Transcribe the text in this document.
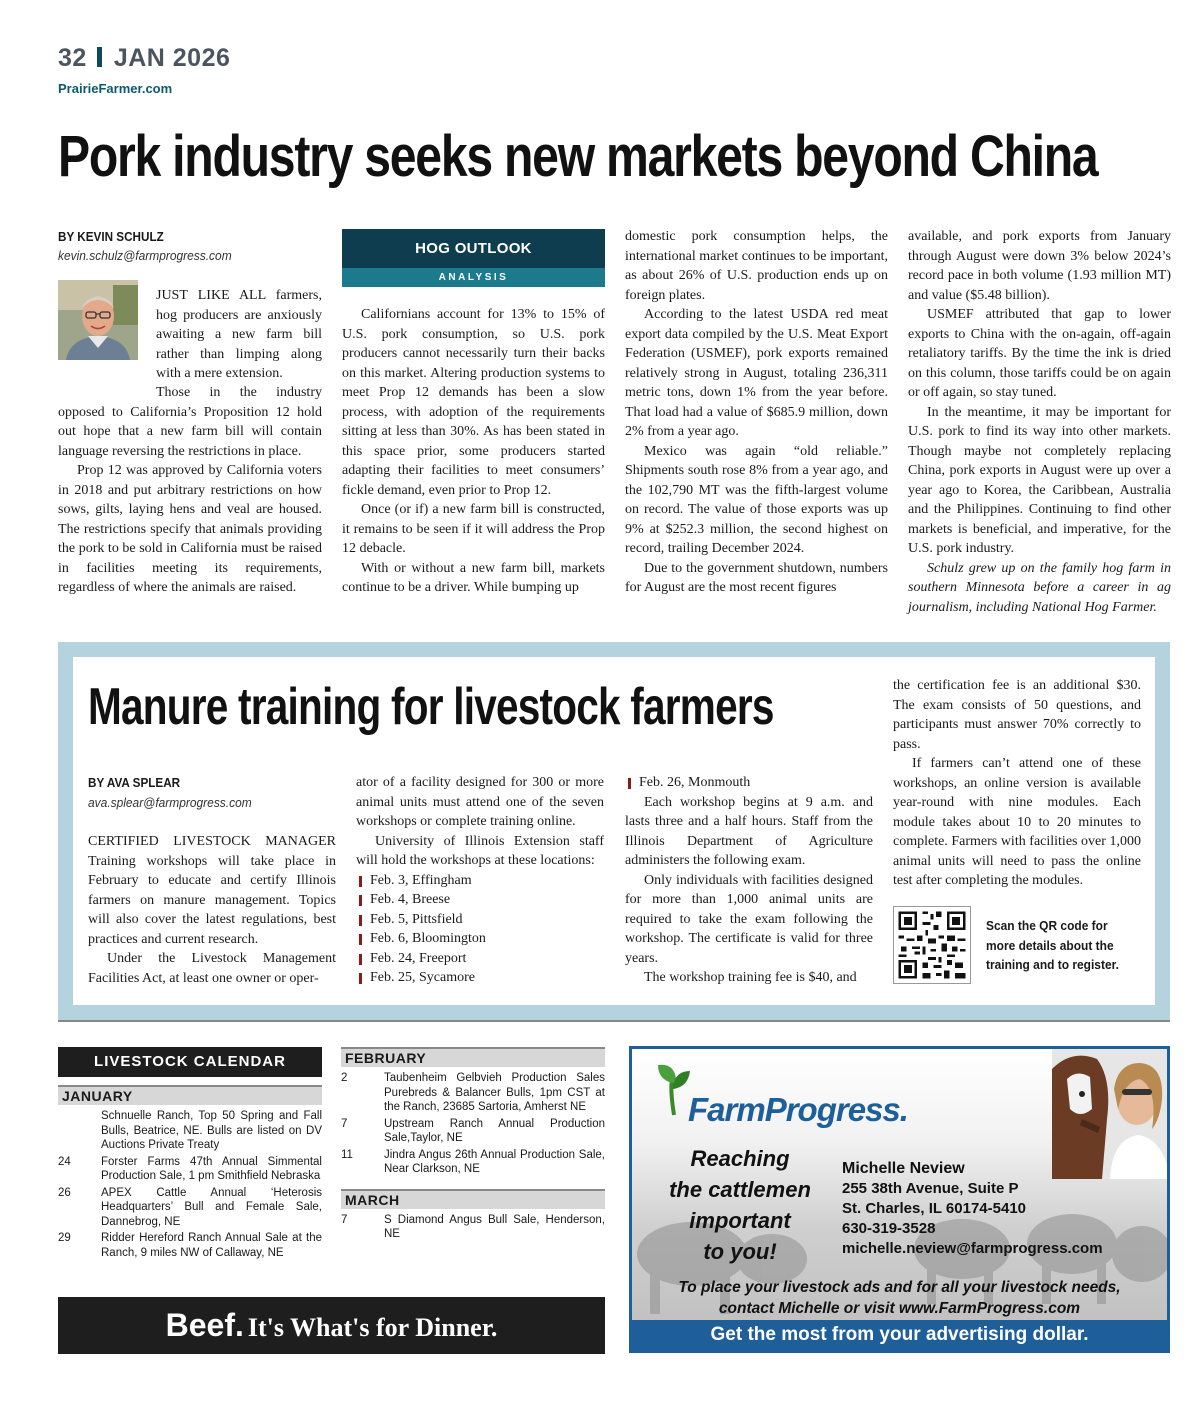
32 JAN 2026
PrairieFarmer.com
Pork industry seeks new markets beyond China
BY KEVIN SCHULZ
kevin.schulz@farmprogress.com

JUST LIKE ALL farmers, hog producers are anxiously awaiting a new farm bill rather than limping along with a mere extension.

Those in the industry opposed to California’s Proposition 12 hold out hope that a new farm bill will contain language reversing the restrictions in place.

Prop 12 was approved by California voters in 2018 and put arbitrary restrictions on how sows, gilts, laying hens and veal are housed. The restrictions specify that animals providing the pork to be sold in California must be raised in facilities meeting its requirements, regardless of where the animals are raised.

HOG OUTLOOK
ANALYSIS

Californians account for 13% to 15% of U.S. pork consumption, so U.S. pork producers cannot necessarily turn their backs on this market. Altering production systems to meet Prop 12 demands has been a slow process, with adoption of the requirements sitting at less than 30%. As has been stated in this space prior, some producers started adapting their facilities to meet consumers’ fickle demand, even prior to Prop 12.

Once (or if) a new farm bill is constructed, it remains to be seen if it will address the Prop 12 debacle.

With or without a new farm bill, markets continue to be a driver. While bumping up

domestic pork consumption helps, the international market continues to be important, as about 26% of U.S. production ends up on foreign plates.

According to the latest USDA red meat export data compiled by the U.S. Meat Export Federation (USMEF), pork exports remained relatively strong in August, totaling 236,311 metric tons, down 1% from the year before. That load had a value of $685.9 million, down 2% from a year ago.

Mexico was again “old reliable.” Shipments south rose 8% from a year ago, and the 102,790 MT was the fifth-largest volume on record. The value of those exports was up 9% at $252.3 million, the second highest on record, trailing December 2024.

Due to the government shutdown, numbers for August are the most recent figures

available, and pork exports from January through August were down 3% below 2024’s record pace in both volume (1.93 million MT) and value ($5.48 billion).

USMEF attributed that gap to lower exports to China with the on-again, off-again retaliatory tariffs. By the time the ink is dried on this column, those tariffs could be on again or off again, so stay tuned.

In the meantime, it may be important for U.S. pork to find its way into other markets. Though maybe not completely replacing China, pork exports in August were up over a year ago to Korea, the Caribbean, Australia and the Philippines. Continuing to find other markets is beneficial, and imperative, for the U.S. pork industry.

Schulz grew up on the family hog farm in southern Minnesota before a career in ag journalism, including National Hog Farmer.

Manure training for livestock farmers
BY AVA SPLEAR
ava.splear@farmprogress.com

CERTIFIED LIVESTOCK MANAGER Training workshops will take place in February to educate and certify Illinois farmers on manure management. Topics will also cover the latest regulations, best practices and current research.

Under the Livestock Management Facilities Act, at least one owner or oper-

ator of a facility designed for 300 or more animal units must attend one of the seven workshops or complete training online.

University of Illinois Extension staff will hold the workshops at these locations:

Feb. 3, Effingham
Feb. 4, Breese
Feb. 5, Pittsfield
Feb. 6, Bloomington
Feb. 24, Freeport
Feb. 25, Sycamore
Feb. 26, Monmouth

Each workshop begins at 9 a.m. and lasts three and a half hours. Staff from the Illinois Department of Agriculture administers the following exam.

Only individuals with facilities designed for more than 1,000 animal units are required to take the exam following the workshop. The certificate is valid for three years.

The workshop training fee is $40, and

the certification fee is an additional $30. The exam consists of 50 questions, and participants must answer 70% correctly to pass.

If farmers can’t attend one of these workshops, an online version is available year-round with nine modules. Each module takes about 10 to 20 minutes to complete. Farmers with facilities over 1,000 animal units will need to pass the online test after completing the modules.

Scan the QR code for more details about the training and to register.
LIVESTOCK CALENDAR
JANUARY
Schnuelle Ranch, Top 50 Spring and Fall Bulls, Beatrice, NE. Bulls are listed on DV Auctions Private Treaty
24	Forster Farms 47th Annual Simmental Production Sale, 1 pm Smithfield Nebraska
26	APEX Cattle Annual ‘Heterosis Headquarters’ Bull and Female Sale, Dannebrog, NE
29	Ridder Hereford Ranch Annual Sale at the Ranch, 9 miles NW of Callaway, NE
FEBRUARY
2	Taubenheim Gelbvieh Production Sales Purebreds & Balancer Bulls, 1pm CST at the Ranch, 23685 Sartoria, Amherst NE
7	Upstream Ranch Annual Production Sale,Taylor, NE
11	Jindra Angus 26th Annual Production Sale, Near Clarkson, NE
MARCH
7	S Diamond Angus Bull Sale, Henderson, NE
Beef. It's What's for Dinner.
FarmProgress.
Reaching
the cattlemen
important
to you!
Michelle Neview
255 38th Avenue, Suite P
St. Charles, IL 60174-5410
630-319-3528
michelle.neview@farmprogress.com
To place your livestock ads and for all your livestock needs,
contact Michelle or visit www.FarmProgress.com
Get the most from your advertising dollar.
